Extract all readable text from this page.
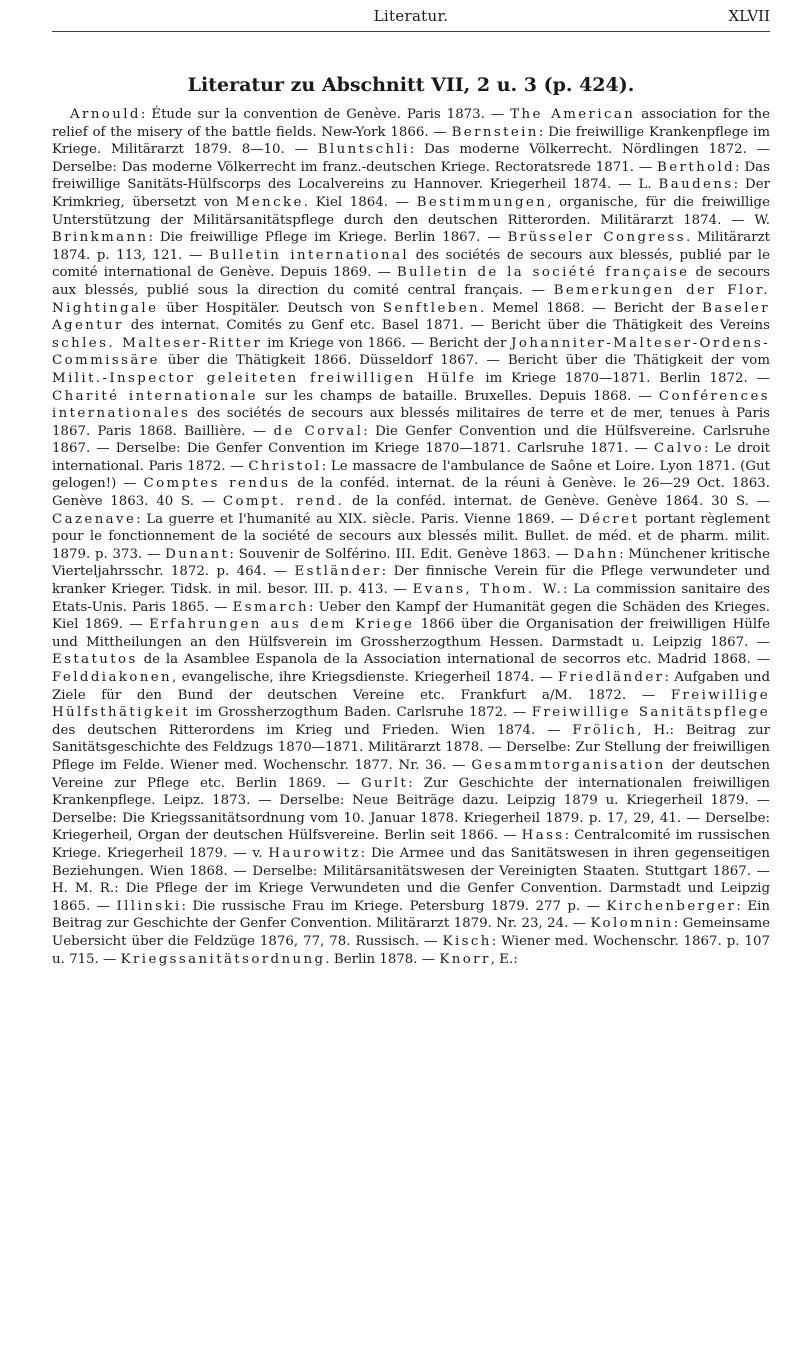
Literatur.	XLVII
Literatur zu Abschnitt VII, 2 u. 3 (p. 424).

Arnould: Étude sur la convention de Genève. Paris 1873. — The American association for the relief of the misery of the battle fields. New-York 1866. — Bernstein: Die freiwillige Krankenpflege im Kriege. Militärarzt 1879. 8—10. — Bluntschli: Das moderne Völkerrecht. Nördlingen 1872. — Derselbe: Das moderne Völkerrecht im franz.-deutschen Kriege. Rectoratsrede 1871. — Berthold: Das freiwillige Sanitäts-Hülfscorps des Localvereins zu Hannover. Kriegerheil 1874. — L. Baudens: Der Krimkrieg, übersetzt von Mencke. Kiel 1864. — Bestimmungen, organische, für die freiwillige Unterstützung der Militärsanitätspflege durch den deutschen Ritterorden. Militärarzt 1874. — W. Brinkmann: Die freiwillige Pflege im Kriege. Berlin 1867. — Brüsseler Congress. Militärarzt 1874. p. 113, 121. — Bulletin international des sociétés de secours aux blessés, publié par le comité international de Genève. Depuis 1869. — Bulletin de la société française de secours aux blessés, publié sous la direction du comité central français. — Bemerkungen der Flor. Nightingale über Hospitäler. Deutsch von Senftleben. Memel 1868. — Bericht der Baseler Agentur des internat. Comités zu Genf etc. Basel 1871. — Bericht über die Thätigkeit des Vereins schles. Malteser-Ritter im Kriege von 1866. — Bericht der Johanniter-Malteser-Ordens-Commissäre über die Thätigkeit 1866. Düsseldorf 1867. — Bericht über die Thätigkeit der vom Milit.-Inspector geleiteten freiwilligen Hülfe im Kriege 1870—1871. Berlin 1872. — Charité internationale sur les champs de bataille. Bruxelles. Depuis 1868. — Conférences internationales des sociétés de secours aux blessés militaires de terre et de mer, tenues à Paris 1867. Paris 1868. Baillière. — de Corval: Die Genfer Convention und die Hülfsvereine. Carlsruhe 1867. — Derselbe: Die Genfer Convention im Kriege 1870—1871. Carlsruhe 1871. — Calvo: Le droit international. Paris 1872. — Christol: Le massacre de l'ambulance de Saône et Loire. Lyon 1871. (Gut gelogen!) — Comptes rendus de la conféd. internat. de la réuni à Genève. le 26—29 Oct. 1863. Genève 1863. 40 S. — Compt. rend. de la conféd. internat. de Genève. Genève 1864. 30 S. — Cazenave: La guerre et l'humanité au XIX. siècle. Paris. Vienne 1869. — Décret portant règlement pour le fonctionnement de la société de secours aux blessés milit. Bullet. de méd. et de pharm. milit. 1879. p. 373. — Dunant: Souvenir de Solférino. III. Edit. Genève 1863. — Dahn: Münchener kritische Vierteljahrsschr. 1872. p. 464. — Estländer: Der finnische Verein für die Pflege verwundeter und kranker Krieger. Tidsk. in mil. besor. III. p. 413. — Evans, Thom. W.: La commission sanitaire des Etats-Unis. Paris 1865. — Esmarch: Ueber den Kampf der Humanität gegen die Schäden des Krieges. Kiel 1869. — Erfahrungen aus dem Kriege 1866 über die Organisation der freiwilligen Hülfe und Mittheilungen an den Hülfsverein im Grossherzogthum Hessen. Darmstadt u. Leipzig 1867. — Estatutos de la Asamblee Espanola de la Association international de secorros etc. Madrid 1868. — Felddiakonen, evangelische, ihre Kriegsdienste. Kriegerheil 1874. — Friedländer: Aufgaben und Ziele für den Bund der deutschen Vereine etc. Frankfurt a/M. 1872. — Freiwillige Hülfsthätigkeit im Grossherzogthum Baden. Carlsruhe 1872. — Freiwillige Sanitätspflege des deutschen Ritterordens im Krieg und Frieden. Wien 1874. — Frölich, H.: Beitrag zur Sanitätsgeschichte des Feldzugs 1870—1871. Militärarzt 1878. — Derselbe: Zur Stellung der freiwilligen Pflege im Felde. Wiener med. Wochenschr. 1877. Nr. 36. — Gesammtorganisation der deutschen Vereine zur Pflege etc. Berlin 1869. — Gurlt: Zur Geschichte der internationalen freiwilligen Krankenpflege. Leipz. 1873. — Derselbe: Neue Beiträge dazu. Leipzig 1879 u. Kriegerheil 1879. — Derselbe: Die Kriegssanitätsordnung vom 10. Januar 1878. Kriegerheil 1879. p. 17, 29, 41. — Derselbe: Kriegerheil, Organ der deutschen Hülfsvereine. Berlin seit 1866. — Hass: Centralcomité im russischen Kriege. Kriegerheil 1879. — v. Haurowitz: Die Armee und das Sanitätswesen in ihren gegenseitigen Beziehungen. Wien 1868. — Derselbe: Militärsanitätswesen der Vereinigten Staaten. Stuttgart 1867. — H. M. R.: Die Pflege der im Kriege Verwundeten und die Genfer Convention. Darmstadt und Leipzig 1865. — Illinski: Die russische Frau im Kriege. Petersburg 1879. 277 p. — Kirchenberger: Ein Beitrag zur Geschichte der Genfer Convention. Militärarzt 1879. Nr. 23, 24. — Kolomnin: Gemeinsame Uebersicht über die Feldzüge 1876, 77, 78. Russisch. — Kisch: Wiener med. Wochenschr. 1867. p. 107 u. 715. — Kriegssanitätsordnung. Berlin 1878. — Knorr, E.:
